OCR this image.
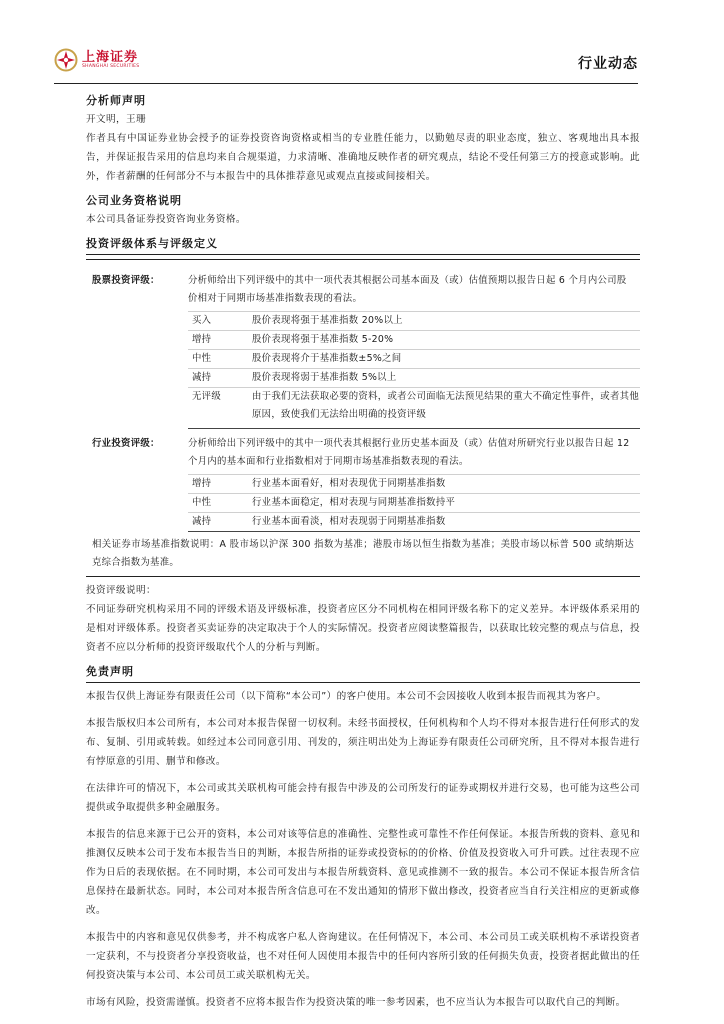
上海证券
SHANGHAI SECURITIES	行业动态
分析师声明

开文明，王珊

作者具有中国证券业协会授予的证券投资咨询资格或相当的专业胜任能力，以勤勉尽责的职业态度，独立、客观地出具本报告，并保证报告采用的信息均来自合规渠道，力求清晰、准确地反映作者的研究观点，结论不受任何第三方的授意或影响。此外，作者薪酬的任何部分不与本报告中的具体推荐意见或观点直接或间接相关。

公司业务资格说明

本公司具备证券投资咨询业务资格。

投资评级体系与评级定义
股票投资评级：	分析师给出下列评级中的其中一项代表其根据公司基本面及（或）估值预期以报告日起 6 个月内公司股价相对于同期市场基准指数表现的看法。	
	买入	股价表现将强于基准指数 20%以上
	增持	股价表现将强于基准指数 5-20%
	中性	股价表现将介于基准指数±5%之间
	减持	股价表现将弱于基准指数 5%以上
	无评级	由于我们无法获取必要的资料，或者公司面临无法预见结果的重大不确定性事件，或者其他原因，致使我们无法给出明确的投资评级
行业投资评级：	分析师给出下列评级中的其中一项代表其根据行业历史基本面及（或）估值对所研究行业以报告日起 12 个月内的基本面和行业指数相对于同期市场基准指数表现的看法。	
	增持	行业基本面看好，相对表现优于同期基准指数
	中性	行业基本面稳定，相对表现与同期基准指数持平
	减持	行业基本面看淡，相对表现弱于同期基准指数
相关证券市场基准指数说明：A 股市场以沪深 300 指数为基准；港股市场以恒生指数为基准；美股市场以标普 500 或纳斯达克综合指数为基准。

投资评级说明：

不同证券研究机构采用不同的评级术语及评级标准，投资者应区分不同机构在相同评级名称下的定义差异。本评级体系采用的是相对评级体系。投资者买卖证券的决定取决于个人的实际情况。投资者应阅读整篇报告，以获取比较完整的观点与信息，投资者不应以分析师的投资评级取代个人的分析与判断。

免责声明

本报告仅供上海证券有限责任公司（以下简称“本公司”）的客户使用。本公司不会因接收人收到本报告而视其为客户。

本报告版权归本公司所有，本公司对本报告保留一切权利。未经书面授权，任何机构和个人均不得对本报告进行任何形式的发布、复制、引用或转载。如经过本公司同意引用、刊发的，须注明出处为上海证券有限责任公司研究所，且不得对本报告进行有悖原意的引用、删节和修改。

在法律许可的情况下，本公司或其关联机构可能会持有报告中涉及的公司所发行的证券或期权并进行交易，也可能为这些公司提供或争取提供多种金融服务。

本报告的信息来源于已公开的资料，本公司对该等信息的准确性、完整性或可靠性不作任何保证。本报告所载的资料、意见和推测仅反映本公司于发布本报告当日的判断，本报告所指的证券或投资标的的价格、价值及投资收入可升可跌。过往表现不应作为日后的表现依据。在不同时期，本公司可发出与本报告所载资料、意见或推测不一致的报告。本公司不保证本报告所含信息保持在最新状态。同时，本公司对本报告所含信息可在不发出通知的情形下做出修改，投资者应当自行关注相应的更新或修改。

本报告中的内容和意见仅供参考，并不构成客户私人咨询建议。在任何情况下，本公司、本公司员工或关联机构不承诺投资者一定获利，不与投资者分享投资收益，也不对任何人因使用本报告中的任何内容所引致的任何损失负责，投资者据此做出的任何投资决策与本公司、本公司员工或关联机构无关。

市场有风险，投资需谨慎。投资者不应将本报告作为投资决策的唯一参考因素，也不应当认为本报告可以取代自己的判断。
